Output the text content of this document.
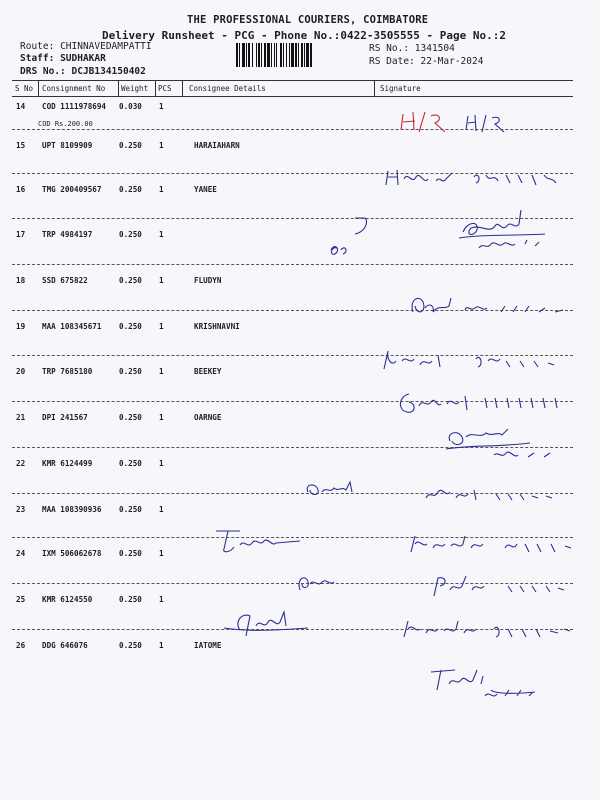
THE PROFESSIONAL COURIERS, COIMBATORE
Delivery Runsheet - PCG - Phone No.:0422-3505555 - Page No.:2
Route: CHINNAVEDAMPATTI
Staff: SUDHAKAR
DRS No.: DCJB134150402
RS No.: 1341504
RS Date: 22-Mar-2024
S No Consignment No Weight PCS Consignee Details	Signature
14 COD 1111978694 0.030 1
COD Rs.200.00
15 UPT 8109909	0.250 1	HARAIAHARN
16 TMG 200409567 0.250 1	YANEE
17 TRP 4984197	0.250 1
18 SSD 675822	0.250 1	FLUDYN
19 MAA 108345671 0.250 1	KRISHNAVNI
20 TRP 7685180	0.250 1	BEEKEY
21 DPI 241567	0.250 1	OARNGE
22 KMR 6124499	0.250 1
23 MAA 108390936 0.250 1
24 IXM 506062678 0.250 1
25 KMR 6124550	0.250 1
26 DDG 646076	0.250 1	IATOME
